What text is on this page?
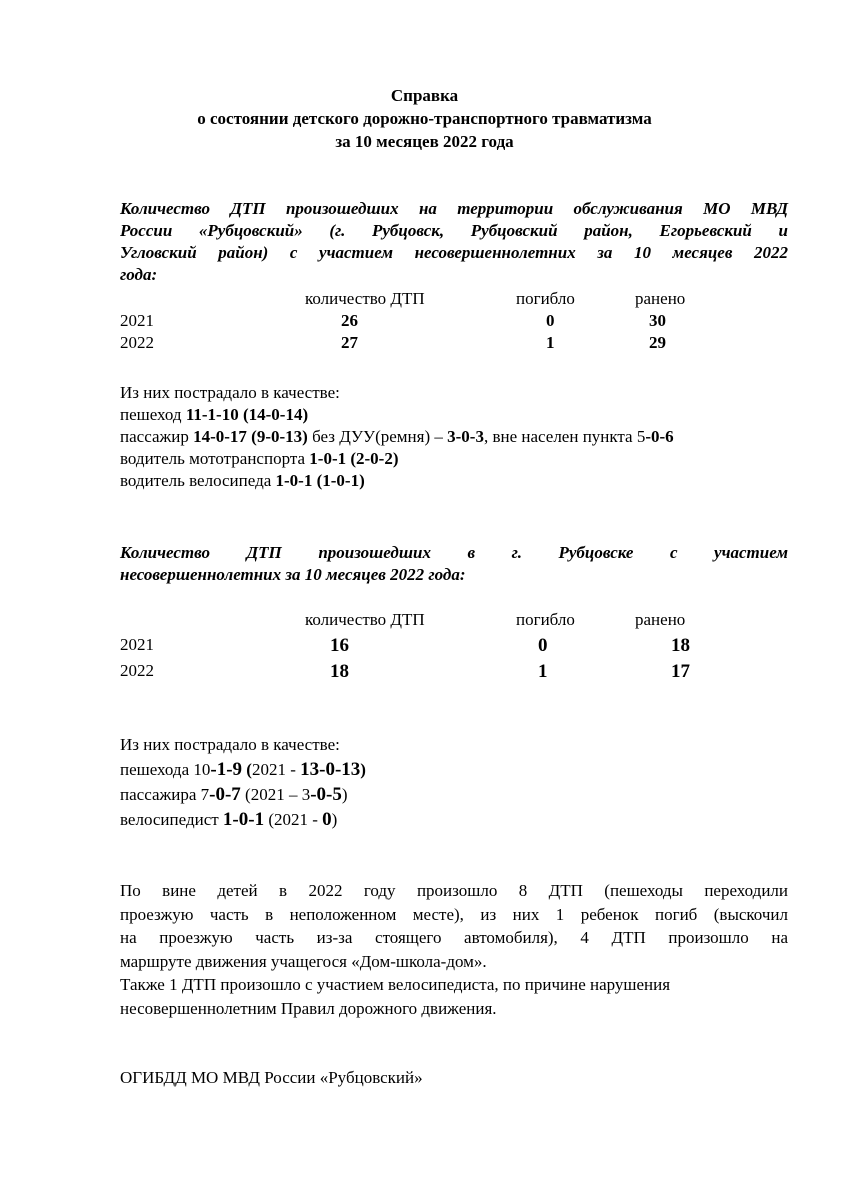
Справка
о состоянии детского дорожно-транспортного травматизма
за 10 месяцев 2022 года
Количество ДТП произошедших на территории обслуживания МО МВД
России «Рубцовский» (г. Рубцовск, Рубцовский район, Егорьевский и
Угловский район) с участием несовершеннолетних за 10 месяцев 2022
года:
количество ДТП	погибло	ранено
2021	26	0	30
2022	27	1	29
Из них пострадало в качестве:
пешеход 11-1-10 (14-0-14)
пассажир 14-0-17 (9-0-13) без ДУУ(ремня) – 3-0-3, вне населен пункта 5-0-6
водитель мототранспорта 1-0-1 (2-0-2)
водитель велосипеда 1-0-1 (1-0-1)
Количество ДТП произошедших в г. Рубцовске с участием
несовершеннолетних за 10 месяцев 2022 года:
количество ДТП	погибло	ранено
2021	16	0	18
2022	18	1	17
Из них пострадало в качестве:
пешехода 10-1-9 (2021 - 13-0-13)
пассажира 7-0-7 (2021 – 3-0-5)
велосипедист 1-0-1 (2021 - 0)
По вине детей в 2022 году произошло 8 ДТП (пешеходы переходили
проезжую часть в неположенном месте), из них 1 ребенок погиб (выскочил
на проезжую часть из-за стоящего автомобиля), 4 ДТП произошло на
маршруте движения учащегося «Дом-школа-дом».
Также 1 ДТП произошло с участием велосипедиста, по причине нарушения
несовершеннолетним Правил дорожного движения.
ОГИБДД МО МВД России «Рубцовский»
